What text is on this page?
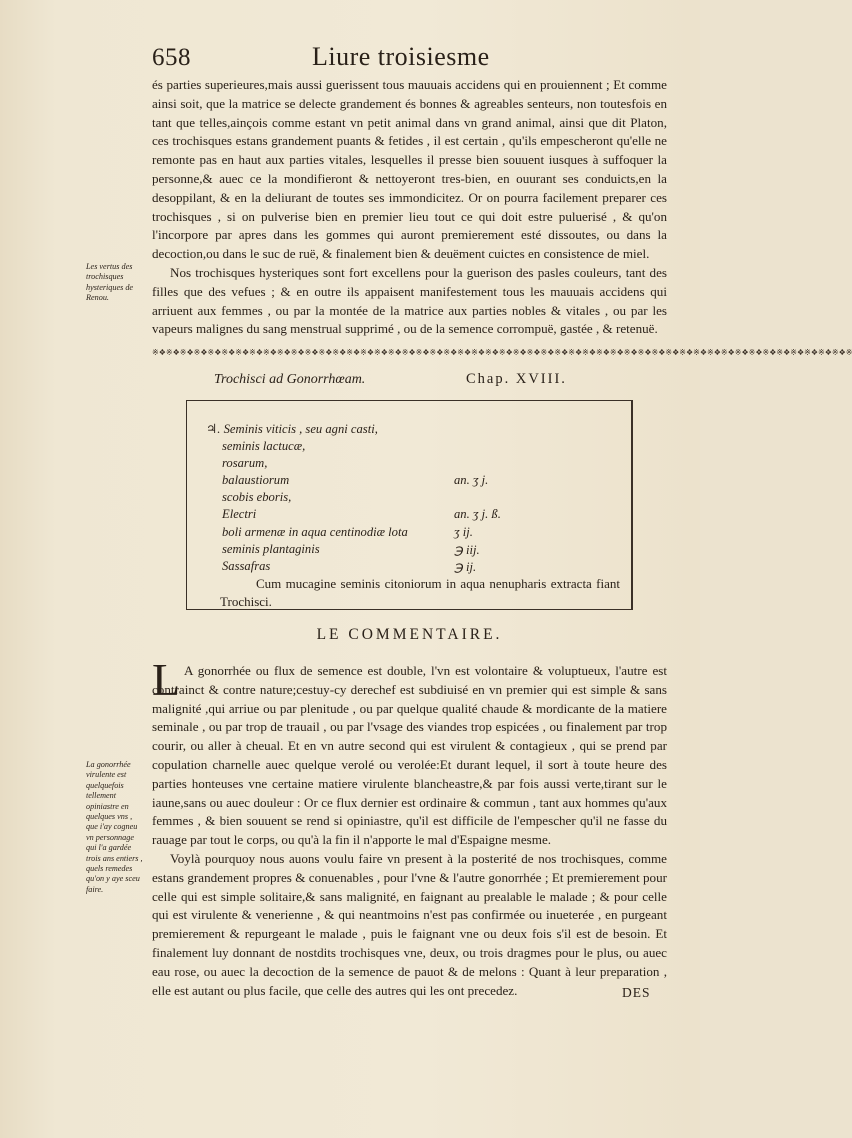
658	Liure troisiesme

és parties superieures,mais aussi guerissent tous mauuais accidens qui en prouiennent ; Et comme ainsi soit, que la matrice se delecte grandement és bonnes & agreables senteurs, non toutesfois en tant que telles,ainçois comme estant vn petit animal dans vn grand animal, ainsi que dit Platon, ces trochisques estans grandement puants & fetides , il est certain , qu'ils empescheront qu'elle ne remonte pas en haut aux parties vitales, lesquelles il presse bien souuent iusques à suffoquer la personne,& auec ce la mondifieront & nettoyeront tres-bien, en ouurant ses conduicts,en la desoppilant, & en la deliurant de toutes ses immondicitez. Or on pourra facilement preparer ces trochisques , si on pulverise bien en premier lieu tout ce qui doit estre puluerisé , & qu'on l'incorpore par apres dans les gommes qui auront premierement esté dissoutes, ou dans la decoction,ou dans le suc de ruë, & finalement bien & deuëment cuictes en consistence de miel.

Nos trochisques hysteriques sont fort excellens pour la guerison des pasles couleurs, tant des filles que des vefues ; & en outre ils appaisent manifestement tous les mauuais accidens qui arriuent aux femmes , ou par la montée de la matrice aux parties nobles & vitales , ou par les vapeurs malignes du sang menstrual supprimé , ou de la semence corrompuë, gastée , & retenuë.

Les vertus des trochisques hysteriques de Renou.
※❖※❖※❖※❖※❖※❖※❖※❖※❖※❖※❖※❖※❖※❖※❖※❖※❖※❖※❖※❖※❖※❖※❖※❖※❖※❖※❖※❖※❖※❖※❖※❖※❖※❖※❖※❖※❖※❖※❖※❖※❖※❖※❖※❖※❖※❖※❖※❖※❖※❖※
Trochisci ad Gonorrhœam.	Chap. XVIII.
♃. Seminis viticis , seu agni casti,
seminis lactucæ,
rosarum,
balaustiorum	an. ʒ j.
scobis eboris,
Electri	an. ʒ j. ß.
boli armenæ in aqua centinodiæ lota	ʒ ij.
seminis plantaginis	℈ iij.
Sassafras	℈ ij.
Cum mucagine seminis citoniorum in aqua nenupharis extracta fiant Trochisci.
LE COMMENTAIRE.
L A gonorrhée ou flux de semence est double, l'vn est volontaire & voluptueux, l'autre est contrainct & contre nature;cestuy-cy derechef est subdiuisé en vn premier qui est simple & sans malignité ,qui arriue ou par plenitude , ou par quelque qualité chaude & mordicante de la matiere seminale , ou par trop de trauail , ou par l'vsage des viandes trop espicées , ou finalement par trop courir, ou aller à cheual. Et en vn autre second qui est virulent & contagieux , qui se prend par copulation charnelle auec quelque verolé ou verolée:Et durant lequel, il sort à toute heure des parties honteuses vne certaine matiere virulente blancheastre,& par fois aussi verte,tirant sur le iaune,sans ou auec douleur : Or ce flux dernier est ordinaire & commun , tant aux hommes qu'aux femmes , & bien souuent se rend si opiniastre, qu'il est difficile de l'empescher qu'il ne fasse du rauage par tout le corps, ou qu'à la fin il n'apporte le mal d'Espaigne mesme.

Voylà pourquoy nous auons voulu faire vn present à la posterité de nos trochisques, comme estans grandement propres & conuenables , pour l'vne & l'autre gonorrhée ; Et premierement pour celle qui est simple solitaire,& sans malignité, en faignant au prealable le malade ; & pour celle qui est virulente & venerienne , & qui neantmoins n'est pas confirmée ou inueterée , en purgeant premierement & repurgeant le malade , puis le faignant vne ou deux fois s'il est de besoin. Et finalement luy donnant de nostdits trochisques vne, deux, ou trois dragmes pour le plus, ou auec eau rose, ou auec la decoction de la semence de pauot & de melons : Quant à leur preparation , elle est autant ou plus facile, que celle des autres qui les ont precedez.

La gonorrhée virulente est quelquefois tellement opiniastre en quelques vns , que i'ay cogneu vn personnage qui l'a gardée trois ans entiers , quels remedes qu'on y aye sceu faire.
DES
